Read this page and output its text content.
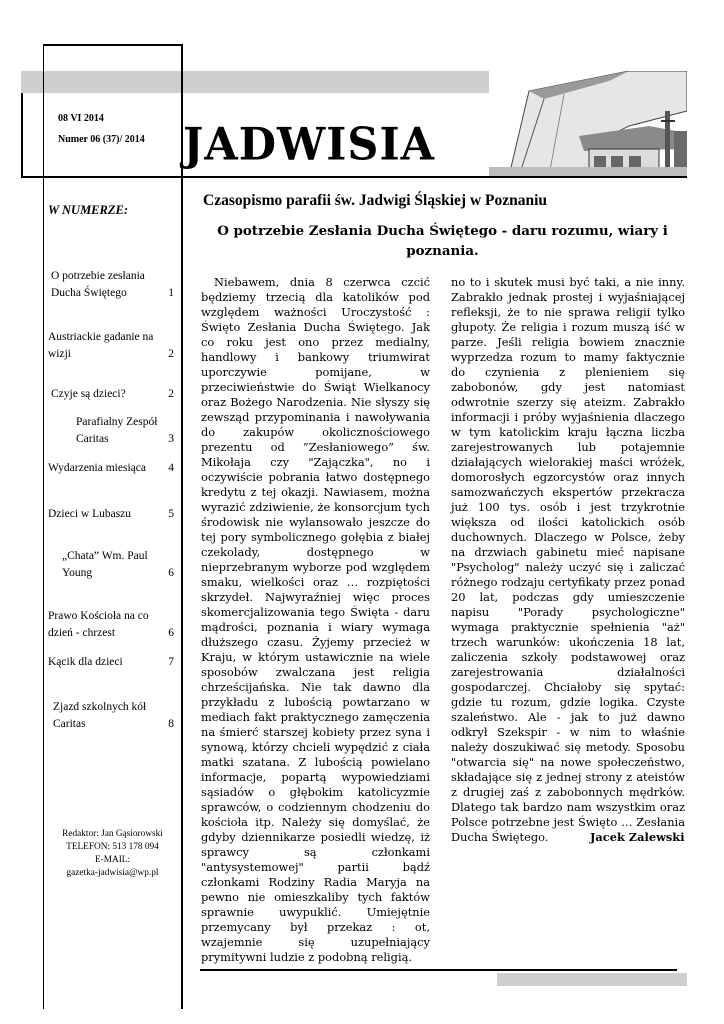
08 VI 2014
Numer 06 (37)/ 2014 JADWISIA
Czasopismo parafii św. Jadwigi Śląskiej w Poznaniu
O potrzebie Zesłania Ducha Świętego - daru rozumu, wiary i poznania.
W NUMERZE:
O potrzebie zesłania Ducha Świętego	1
Austriackie gadanie na wizji	2
Czyje są dzieci?	2
Parafialny Zespół Caritas	3
Wydarzenia miesiąca	4
Dzieci w Lubaszu	5
„Chata” Wm. Paul Young	6
Prawo Kościoła na co dzień - chrzest	6
Kącik dla dzieci	7
Zjazd szkolnych kół Caritas	8
Redaktor: Jan Gąsiorowski
TELEFON: 513 178 094
E-MAIL:
gazetka-jadwisia@wp.pl

Niebawem, dnia 8 czerwca czcić będziemy trzecią dla katolików pod względem ważności Uroczystość : Święto Zesłania Ducha Świętego. Jak co roku jest ono przez medialny, handlowy i bankowy triumwirat uporczywie pomijane, w przeciwieństwie do Świąt Wielkanocy oraz Bożego Narodzenia. Nie słyszy się zewsząd przypominania i nawoływania do zakupów okolicznościowego prezentu od ”Zesłaniowego” św. Mikołaja czy "Zajączka", no i oczywiście pobrania łatwo dostępnego kredytu z tej okazji. Nawiasem, można wyrazić zdziwienie, że konsorcjum tych środowisk nie wylansowało jeszcze do tej pory symbolicznego gołębia z białej czekolady, dostępnego w nieprzebranym wyborze pod względem smaku, wielkości oraz … rozpiętości skrzydeł. Najwyraźniej więc proces skomercjalizowania tego Święta - daru mądrości, poznania i wiary wymaga dłuższego czasu. Żyjemy przecież w Kraju, w którym ustawicznie na wiele sposobów zwalczana jest religia chrześcijańska. Nie tak dawno dla przykładu z lubością powtarzano w mediach fakt praktycznego zamęczenia na śmierć starszej kobiety przez syna i synową, którzy chcieli wypędzić z ciała matki szatana. Z lubością powielano informacje, popartą wypowiedziami sąsiadów o głębokim katolicyzmie sprawców, o codziennym chodzeniu do kościoła itp. Należy się domyślać, że gdyby dziennikarze posiedli wiedzę, iż sprawcy są członkami "antysystemowej" partii bądź członkami Rodziny Radia Maryja na pewno nie omieszkaliby tych faktów sprawnie uwypuklić. Umiejętnie przemycany był przekaz : ot, wzajemnie się uzupełniający prymitywni ludzie z podobną religią.

no to i skutek musi być taki, a nie inny. Zabrakło jednak prostej i wyjaśniającej refleksji, że to nie sprawa religii tylko głupoty. Że religia i rozum muszą iść w parze. Jeśli religia bowiem znacznie wyprzedza rozum to mamy faktycznie do czynienia z plenieniem się zabobonów, gdy jest natomiast odwrotnie szerzy się ateizm. Zabrakło informacji i próby wyjaśnienia dlaczego w tym katolickim kraju łączna liczba zarejestrowanych lub potajemnie działających wielorakiej maści wróżek, domorosłych egzorcystów oraz innych samozwańczych ekspertów przekracza już 100 tys. osób i jest trzykrotnie większa od ilości katolickich osób duchownych. Dlaczego w Polsce, żeby na drzwiach gabinetu mieć napisane "Psycholog" należy uczyć się i zaliczać różnego rodzaju certyfikaty przez ponad 20 lat, podczas gdy umieszczenie napisu "Porady psychologiczne" wymaga praktycznie spełnienia "aż" trzech warunków: ukończenia 18 lat, zaliczenia szkoły podstawowej oraz zarejestrowania działalności gospodarczej. Chciałoby się spytać: gdzie tu rozum, gdzie logika. Czyste szaleństwo. Ale - jak to już dawno odkrył Szekspir - w nim to właśnie należy doszukiwać się metody. Sposobu "otwarcia się" na nowe społeczeństwo, składające się z jednej strony z ateistów z drugiej zaś z zabobonnych mędrków. Dlatego tak bardzo nam wszystkim oraz Polsce potrzebne jest Święto … Zesłania Ducha Świętego.	Jacek Zalewski
